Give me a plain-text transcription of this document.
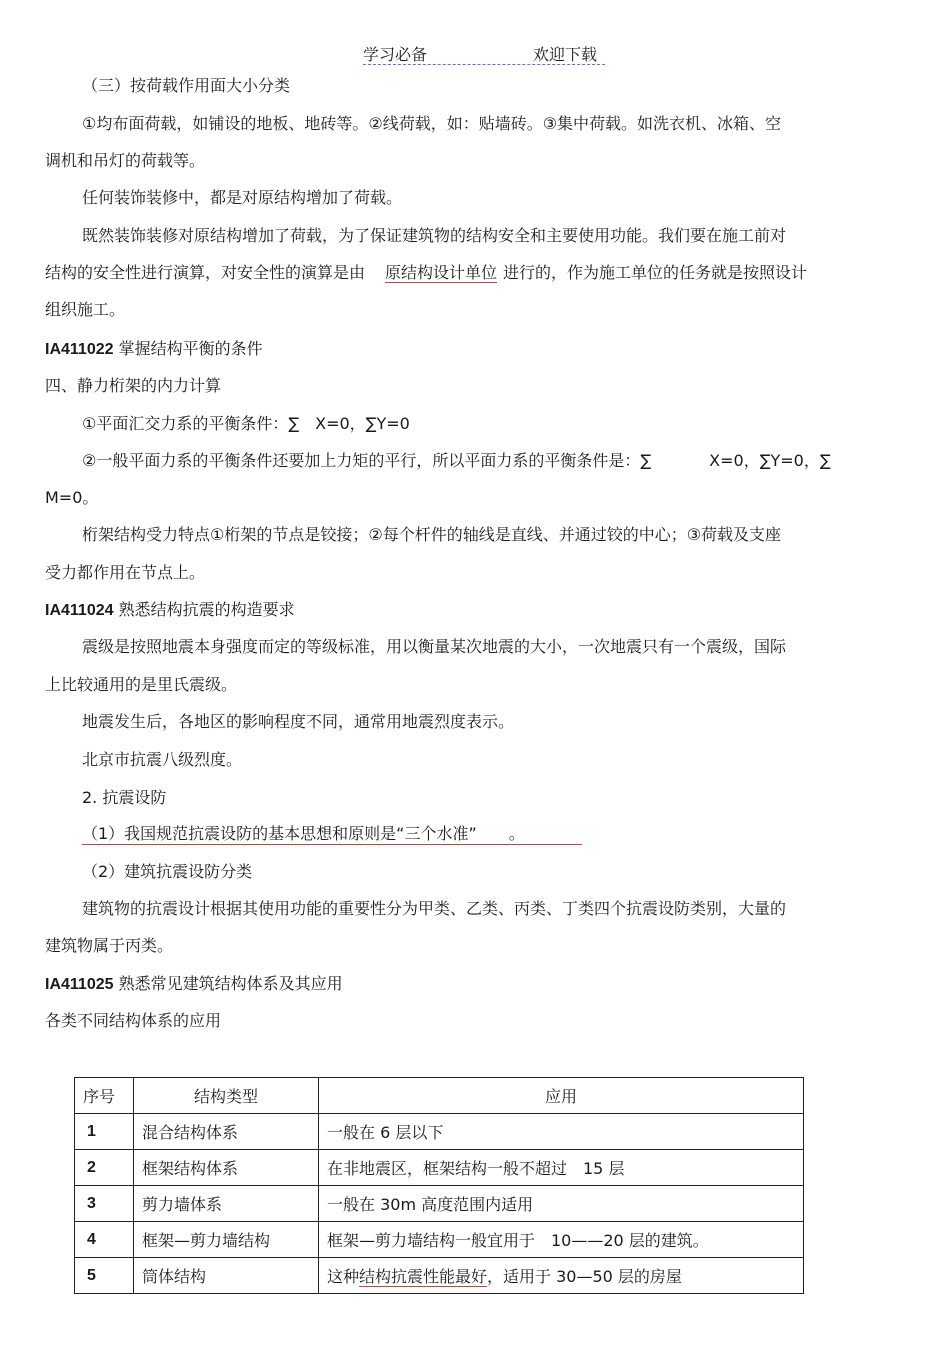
学习必备	欢迎下载
（三）按荷载作用面大小分类
①均布面荷载，如铺设的地板、地砖等。②线荷载，如：贴墙砖。③集中荷载。如洗衣机、冰箱、空
调机和吊灯的荷载等。
任何装饰装修中，都是对原结构增加了荷载。
既然装饰装修对原结构增加了荷载，为了保证建筑物的结构安全和主要使用功能。我们要在施工前对
结构的安全性进行演算，对安全性的演算是由 原结构设计单位 进行的，作为施工单位的任务就是按照设计
组织施工。
IA411022 掌握结构平衡的条件
四、静力桁架的内力计算
①平面汇交力系的平衡条件：∑　X=0，∑Y=0
②一般平面力系的平衡条件还要加上力矩的平行，所以平面力系的平衡条件是：∑	X=0，∑Y=0，∑
M=0。
桁架结构受力特点①桁架的节点是铰接；②每个杆件的轴线是直线、并通过铰的中心；③荷载及支座
受力都作用在节点上。
IA411024 熟悉结构抗震的构造要求
震级是按照地震本身强度而定的等级标准，用以衡量某次地震的大小，一次地震只有一个震级，国际
上比较通用的是里氏震级。
地震发生后，各地区的影响程度不同，通常用地震烈度表示。
北京市抗震八级烈度。
2. 抗震设防
（1）我国规范抗震设防的基本思想和原则是“三个水准”　　。
（2）建筑抗震设防分类
建筑物的抗震设计根据其使用功能的重要性分为甲类、乙类、丙类、丁类四个抗震设防类别，大量的
建筑物属于丙类。
IA411025 熟悉常见建筑结构体系及其应用
各类不同结构体系的应用
序号	结构类型	应用
1	混合结构体系	一般在 6 层以下
2	框架结构体系	在非地震区，框架结构一般不超过　15 层
3	剪力墙体系	一般在 30m 高度范围内适用
4	框架—剪力墙结构	框架—剪力墙结构一般宜用于　10——20 层的建筑。
5	筒体结构	这种结构抗震性能最好，适用于 30—50 层的房屋
